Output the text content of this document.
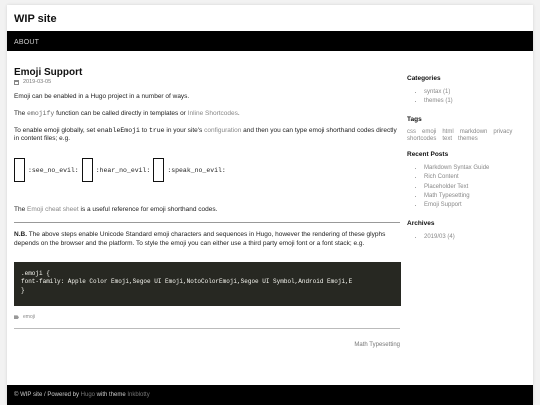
WIP site
ABOUT
Emoji Support
2019-03-05
Emoji can be enabled in a Hugo project in a number of ways.
The emojify function can be called directly in templates or Inline Shortcodes.
To enable emoji globally, set enableEmoji to true in your site's configuration and then you can type emoji shorthand codes directly in content files; e.g.
:see_no_evil:	:hear_no_evil:	:speak_no_evil:
The Emoji cheat sheet is a useful reference for emoji shorthand codes.
N.B. The above steps enable Unicode Standard emoji characters and sequences in Hugo, however the rendering of these glyphs depends on the browser and the platform. To style the emoji you can either use a third party emoji font or a font stack; e.g.
.emoji {
font-family: Apple Color Emoji,Segoe UI Emoji,NotoColorEmoji,Segoe UI Symbol,Android Emoji,E
}
emoji
Math Typesetting
Categories
• syntax (1)
• themes (1)
Tags
css emoji html markdown privacy
shortcodes text themes
Recent Posts
• Markdown Syntax Guide
• Rich Content
• Placeholder Text
• Math Typesetting
• Emoji Support
Archives
• 2019/03 (4)
© WIP site / Powered by Hugo with theme Inkblotty
